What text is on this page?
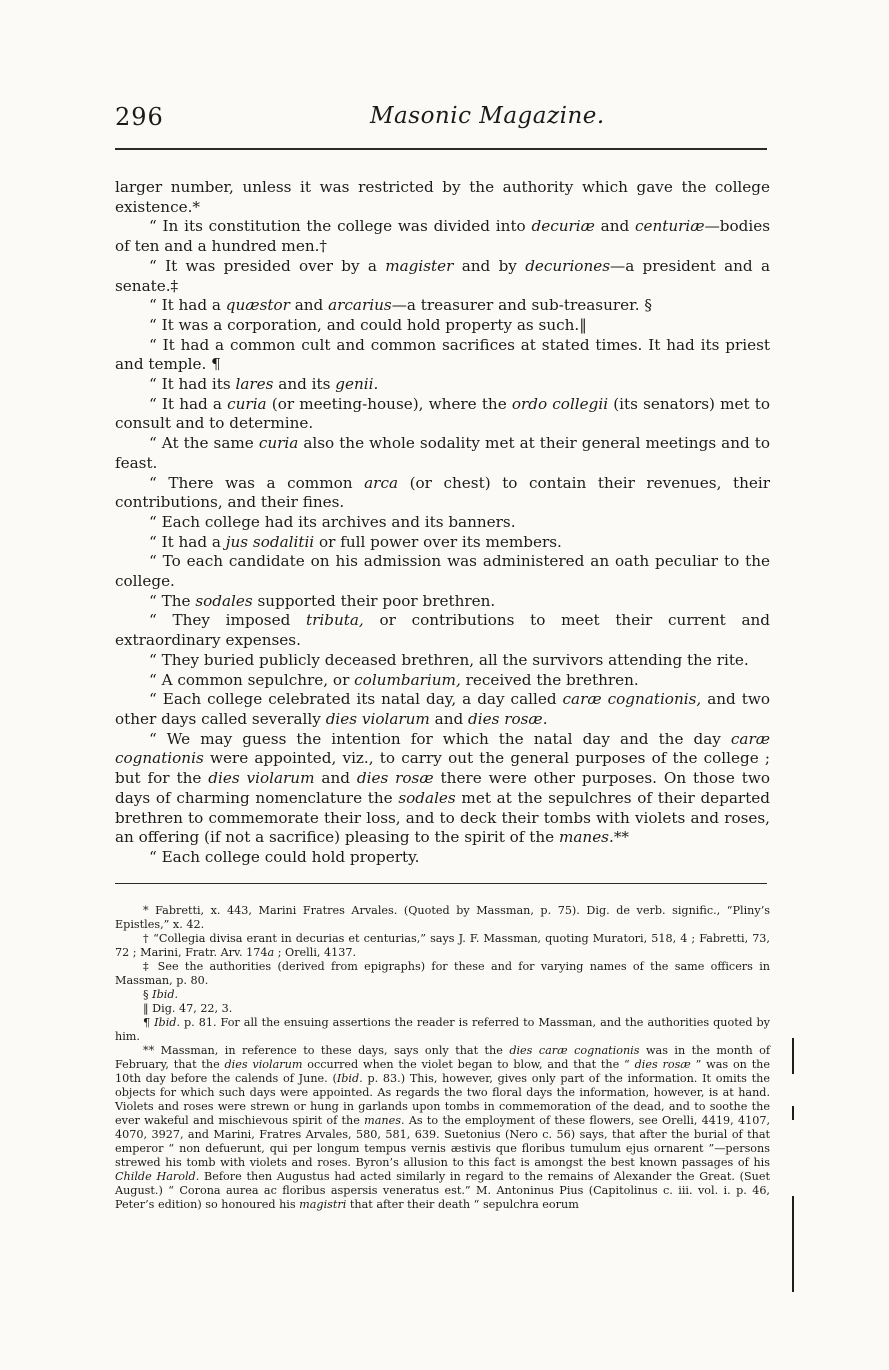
296	Masonic Magazine.

larger number, unless it was restricted by the authority which gave the college existence.*

“ In its constitution the college was divided into decuriæ and centuriæ—bodies of ten and a hundred men.†

“ It was presided over by a magister and by decuriones—a president and a senate.‡

“ It had a quæstor and arcarius—a treasurer and sub-treasurer. §

“ It was a corporation, and could hold property as such.‖

“ It had a common cult and common sacrifices at stated times. It had its priest and temple. ¶

“ It had its lares and its genii.

“ It had a curia (or meeting-house), where the ordo collegii (its senators) met to consult and to determine.

“ At the same curia also the whole sodality met at their general meetings and to feast.

“ There was a common arca (or chest) to contain their revenues, their contributions, and their fines.

“ Each college had its archives and its banners.

“ It had a jus sodalitii or full power over its members.

“ To each candidate on his admission was administered an oath peculiar to the college.

“ The sodales supported their poor brethren.

“ They imposed tributa, or contributions to meet their current and extraordinary expenses.

“ They buried publicly deceased brethren, all the survivors attending the rite.

“ A common sepulchre, or columbarium, received the brethren.

“ Each college celebrated its natal day, a day called caræ cognationis, and two other days called severally dies violarum and dies rosæ.

“ We may guess the intention for which the natal day and the day caræ cognationis were appointed, viz., to carry out the general purposes of the college ; but for the dies violarum and dies rosæ there were other purposes. On those two days of charming nomenclature the sodales met at the sepulchres of their departed brethren to commemorate their loss, and to deck their tombs with violets and roses, an offering (if not a sacrifice) pleasing to the spirit of the manes.**

“ Each college could hold property.

* Fabretti, x. 443, Marini Fratres Arvales. (Quoted by Massman, p. 75). Dig. de verb. signific., “Pliny’s Epistles,” x. 42.

† “Collegia divisa erant in decurias et centurias,” says J. F. Massman, quoting Muratori, 518, 4 ; Fabretti, 73, 72 ; Marini, Fratr. Arv. 174a ; Orelli, 4137.

‡ See the authorities (derived from epigraphs) for these and for varying names of the same officers in Massman, p. 80.

§ Ibid.

‖ Dig. 47, 22, 3.

¶ Ibid. p. 81. For all the ensuing assertions the reader is referred to Massman, and the authorities quoted by him.

** Massman, in reference to these days, says only that the dies caræ cognationis was in the month of February, that the dies violarum occurred when the violet began to blow, and that the “ dies rosæ ” was on the 10th day before the calends of June. (Ibid. p. 83.) This, however, gives only part of the information. It omits the objects for which such days were appointed. As regards the two floral days the information, however, is at hand. Violets and roses were strewn or hung in garlands upon tombs in commemoration of the dead, and to soothe the ever wakeful and mischievous spirit of the manes. As to the employment of these flowers, see Orelli, 4419, 4107, 4070, 3927, and Marini, Fratres Arvales, 580, 581, 639. Suetonius (Nero c. 56) says, that after the burial of that emperor “ non defuerunt, qui per longum tempus vernis æstivis que floribus tumulum ejus ornarent ”—persons strewed his tomb with violets and roses. Byron’s allusion to this fact is amongst the best known passages of his Childe Harold. Before then Augustus had acted similarly in regard to the remains of Alexander the Great. (Suet August.) “ Corona aurea ac floribus aspersis veneratus est.” M. Antoninus Pius (Capitolinus c. iii. vol. i. p. 46, Peter’s edition) so honoured his magistri that after their death “ sepulchra eorum
